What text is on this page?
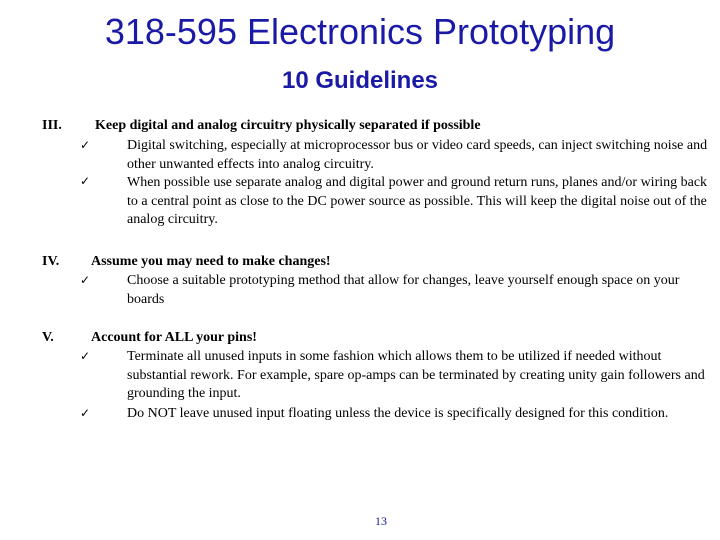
318-595 Electronics Prototyping
10 Guidelines
III. Keep digital and analog circuitry physically separated if possible
✓	Digital switching, especially at microprocessor bus or video card speeds, can inject switching noise and other unwanted effects into analog circuitry.
✓	When possible use separate analog and digital power and ground return runs, planes and/or wiring back to a central point as close to the DC power source as possible. This will keep the digital noise out of the analog circuitry.
IV. Assume you may need to make changes!
✓	Choose a suitable prototyping method that allow for changes, leave yourself enough space on your boards
V.	Account for ALL your pins!
✓	Terminate all unused inputs in some fashion which allows them to be utilized if needed without substantial rework. For example, spare op-amps can be terminated by creating unity gain followers and grounding the input.
✓	Do NOT leave unused input floating unless the device is specifically designed for this condition.
13
